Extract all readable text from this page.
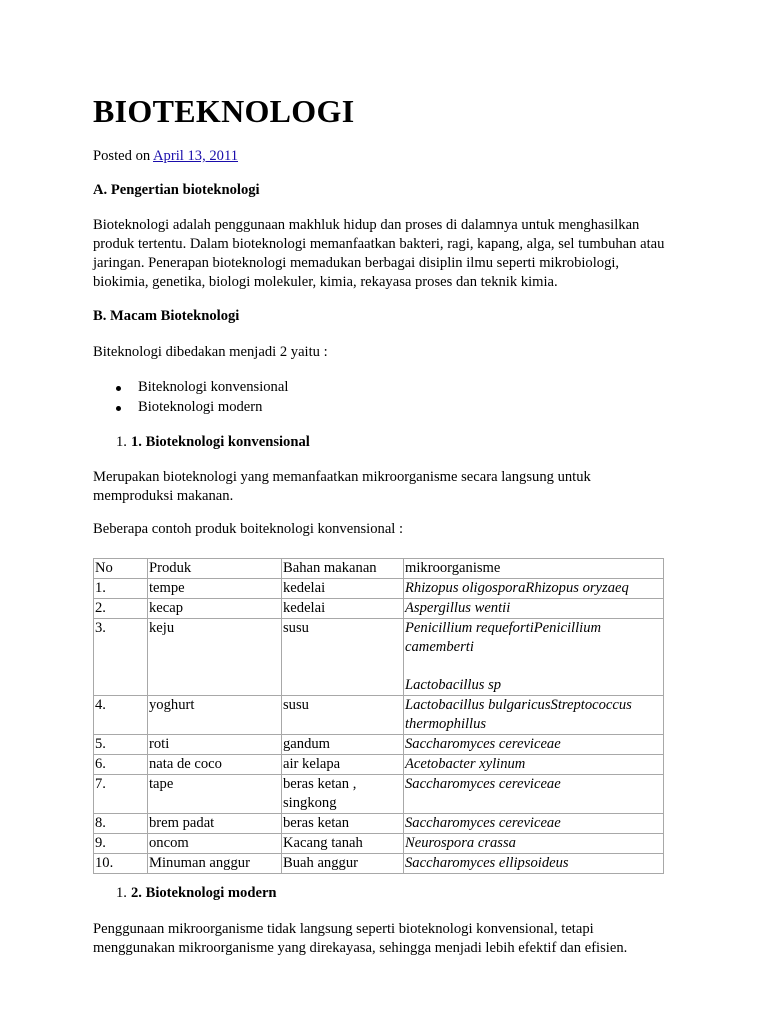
BIOTEKNOLOGI

Posted on April 13, 2011

A. Pengertian bioteknologi

Bioteknologi adalah penggunaan makhluk hidup dan proses di dalamnya untuk menghasilkan produk tertentu. Dalam bioteknologi memanfaatkan bakteri, ragi, kapang, alga, sel tumbuhan atau jaringan. Penerapan bioteknologi memadukan berbagai disiplin ilmu seperti mikrobiologi, biokimia, genetika, biologi molekuler, kimia, rekayasa proses dan teknik kimia.

B. Macam Bioteknologi

Biteknologi dibedakan menjadi 2 yaitu :

Biteknologi konvensional
Bioteknologi modern

1. 1. Bioteknologi konvensional

Merupakan bioteknologi yang memanfaatkan mikroorganisme secara langsung untuk memproduksi makanan.

Beberapa contoh produk boiteknologi konvensional :

No	Produk	Bahan makanan	mikroorganisme
1.	tempe	kedelai	Rhizopus oligosporaRhizopus oryzaeq

2.	kecap	kedelai	Aspergillus wentii

3.	keju	susu	Penicillium requefortiPenicillium
camemberti
Lactobacillus sp

4.	yoghurt	susu	Lactobacillus bulgaricusStreptococcus
thermophillus

5.	roti	gandum	Saccharomyces cereviceae

6.	nata de coco	air kelapa	Acetobacter xylinum

7.	tape	beras ketan , singkong	Saccharomyces cereviceae

8.	brem padat	beras ketan	Saccharomyces cereviceae

9.	oncom	Kacang tanah	Neurospora crassa

10.	Minuman anggur	Buah anggur	Saccharomyces ellipsoideus

1. 2. Bioteknologi modern

Penggunaan mikroorganisme tidak langsung seperti bioteknologi konvensional, tetapi menggunakan mikroorganisme yang direkayasa, sehingga menjadi lebih efektif dan efisien.
